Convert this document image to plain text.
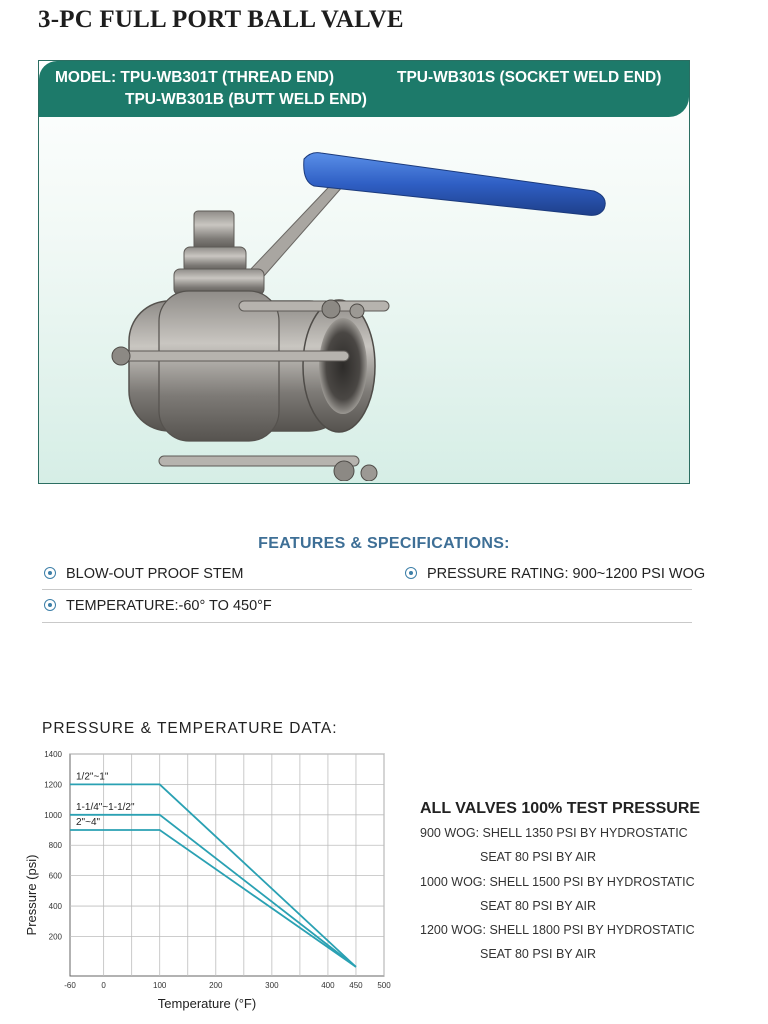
3-PC FULL PORT BALL VALVE
MODEL: TPU-WB301T (THREAD END)	TPU-WB301S (SOCKET WELD END)
TPU-WB301B (BUTT WELD END)
FEATURES & SPECIFICATIONS:
BLOW-OUT PROOF STEM	PRESSURE RATING: 900~1200 PSI WOG
TEMPERATURE:-60° TO 450°F
PRESSURE & TEMPERATURE DATA:
-60	0	100	200	300	400 450 500
1400
1200
1000
800
600
400
200
Temperature (°F)
Pressure (psi)
1/2"~1"
1-1/4"~1-1/2"
2"~4"
ALL VALVES 100% TEST PRESSURE
900 WOG: SHELL 1350 PSI BY HYDROSTATIC
SEAT 80 PSI BY AIR
1000 WOG: SHELL 1500 PSI BY HYDROSTATIC
SEAT 80 PSI BY AIR
1200 WOG: SHELL 1800 PSI BY HYDROSTATIC
SEAT 80 PSI BY AIR
